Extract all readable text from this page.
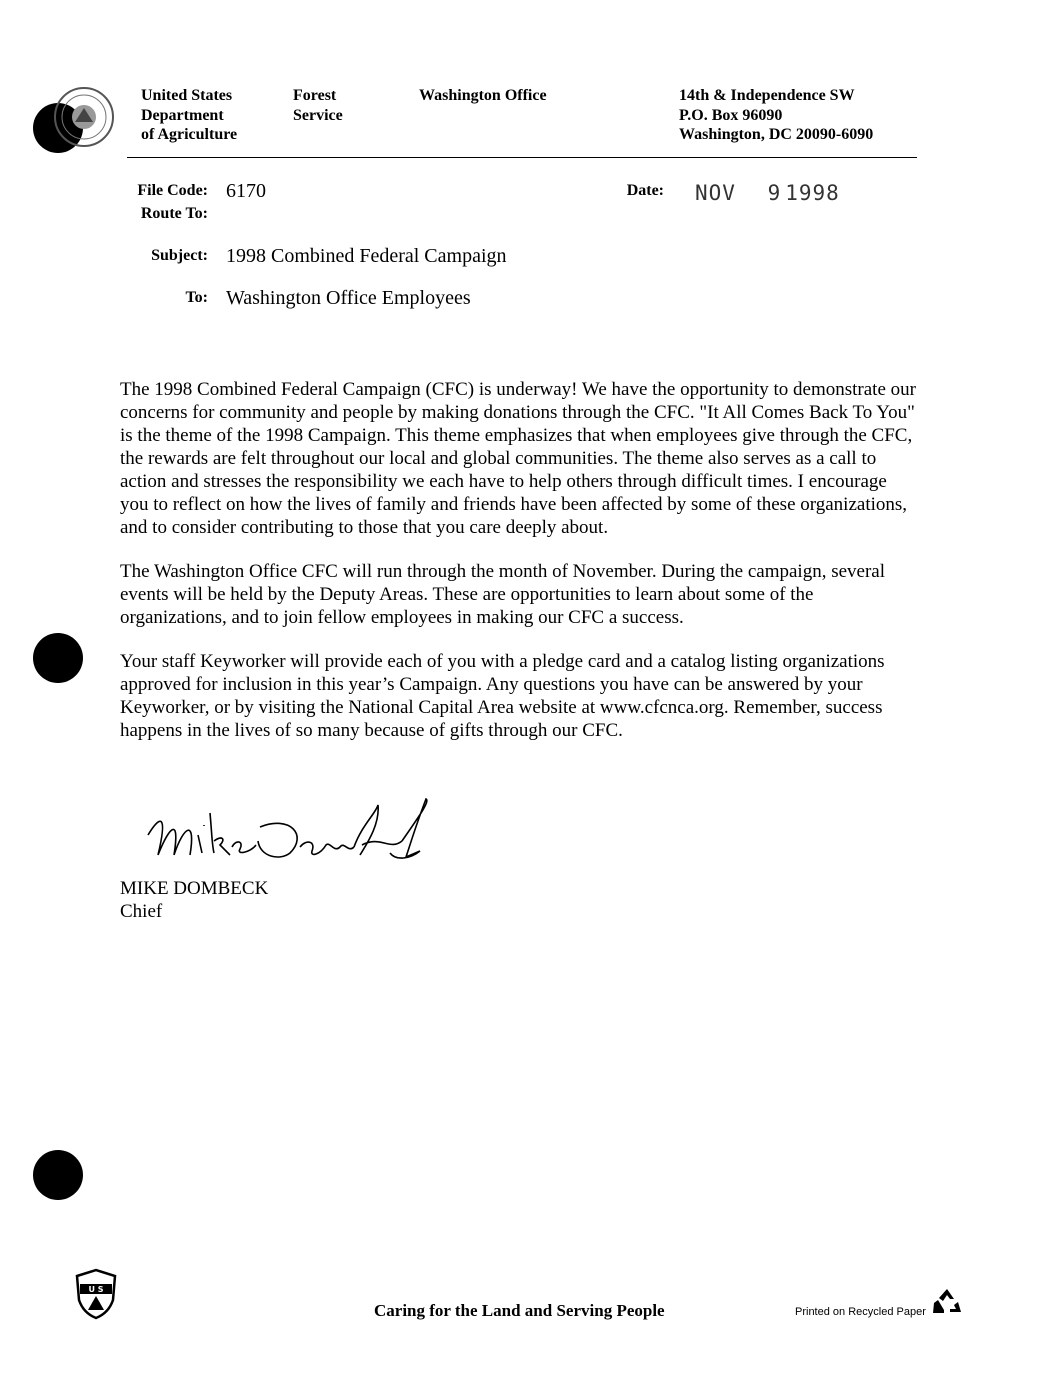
United States
Department
of Agriculture
Forest
Service
Washington Office	14th & Independence SW
P.O. Box 96090
Washington, DC 20090-6090
File Code: 6170
Route To:
Date: NOV 9 1998
Subject: 1998 Combined Federal Campaign
To: Washington Office Employees

The 1998 Combined Federal Campaign (CFC) is underway! We have the opportunity to demonstrate our concerns for community and people by making donations through the CFC. "It All Comes Back To You" is the theme of the 1998 Campaign. This theme emphasizes that when employees give through the CFC, the rewards are felt throughout our local and global communities. The theme also serves as a call to action and stresses the responsibility we each have to help others through difficult times. I encourage you to reflect on how the lives of family and friends have been affected by some of these organizations, and to consider contributing to those that you care deeply about.

The Washington Office CFC will run through the month of November. During the campaign, several events will be held by the Deputy Areas. These are opportunities to learn about some of the organizations, and to join fellow employees in making our CFC a success.

Your staff Keyworker will provide each of you with a pledge card and a catalog listing organizations approved for inclusion in this year’s Campaign. Any questions you have can be answered by your Keyworker, or by visiting the National Capital Area website at www.cfcnca.org. Remember, success happens in the lives of so many because of gifts through our CFC.

MIKE DOMBECK
Chief
U S
Caring for the Land and Serving People	Printed on Recycled Paper
